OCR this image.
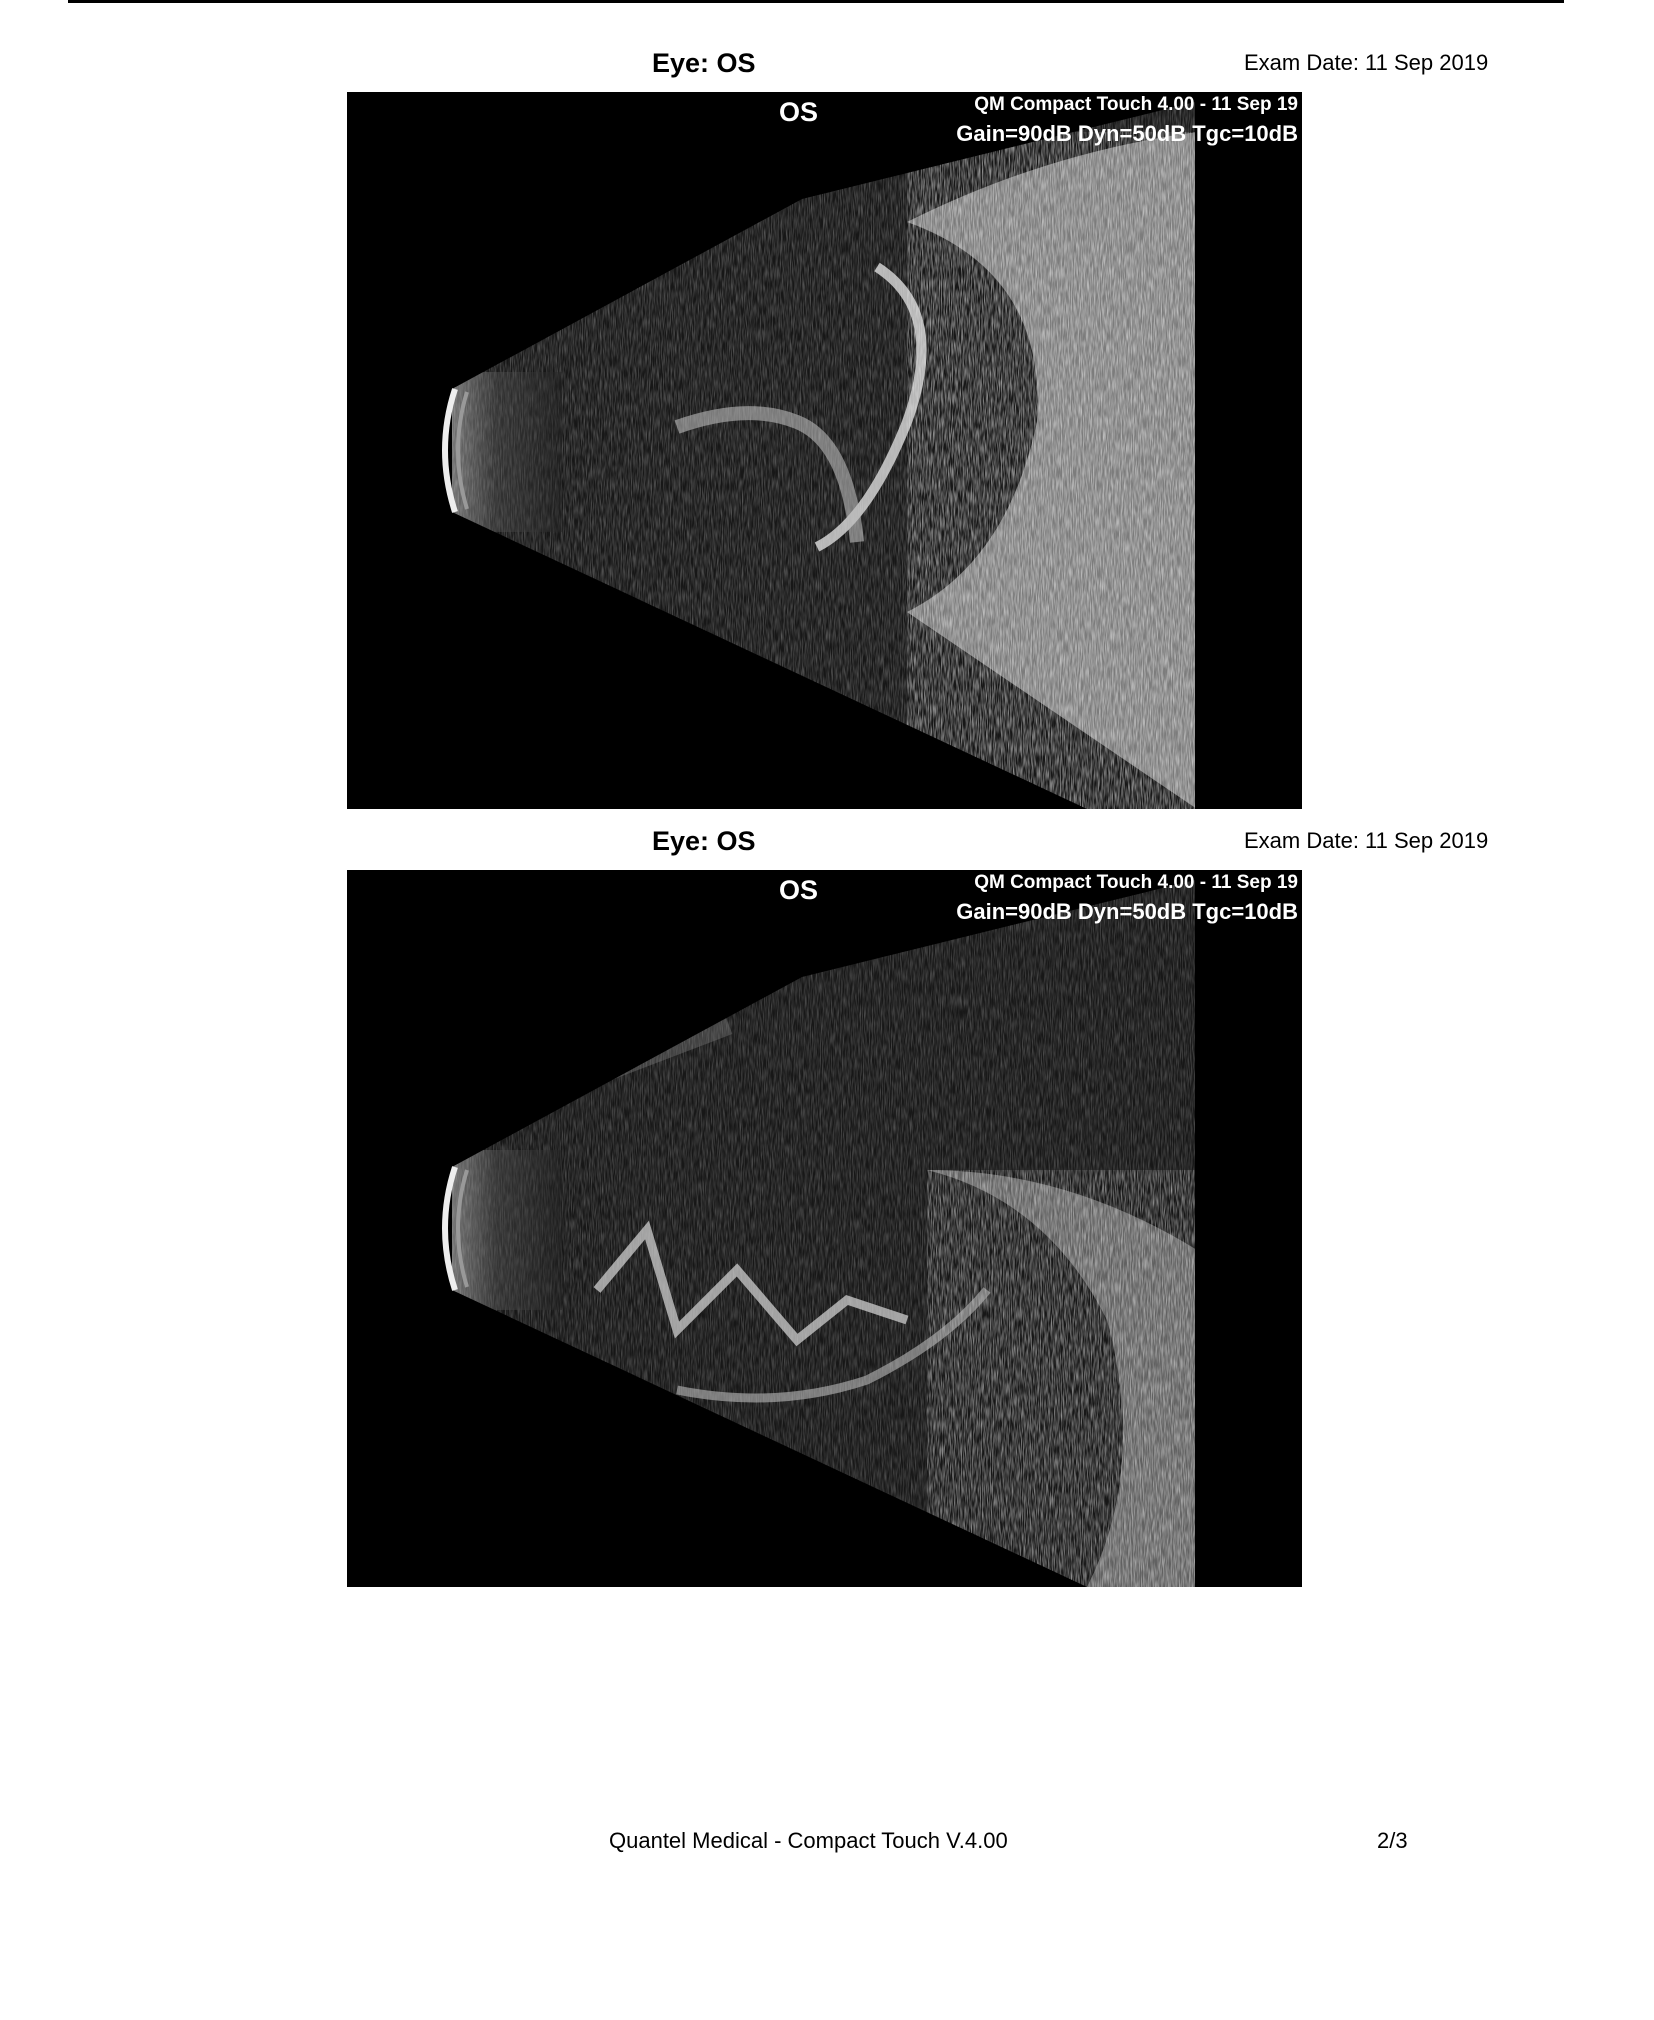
Eye: OS	Exam Date: 11 Sep 2019
OS	QM Compact Touch 4.00 - 11 Sep 19
Gain=90dB Dyn=50dB Tgc=10dB
Eye: OS	Exam Date: 11 Sep 2019
OS	QM Compact Touch 4.00 - 11 Sep 19
Gain=90dB Dyn=50dB Tgc=10dB
Quantel Medical - Compact Touch V.4.00	2/3
